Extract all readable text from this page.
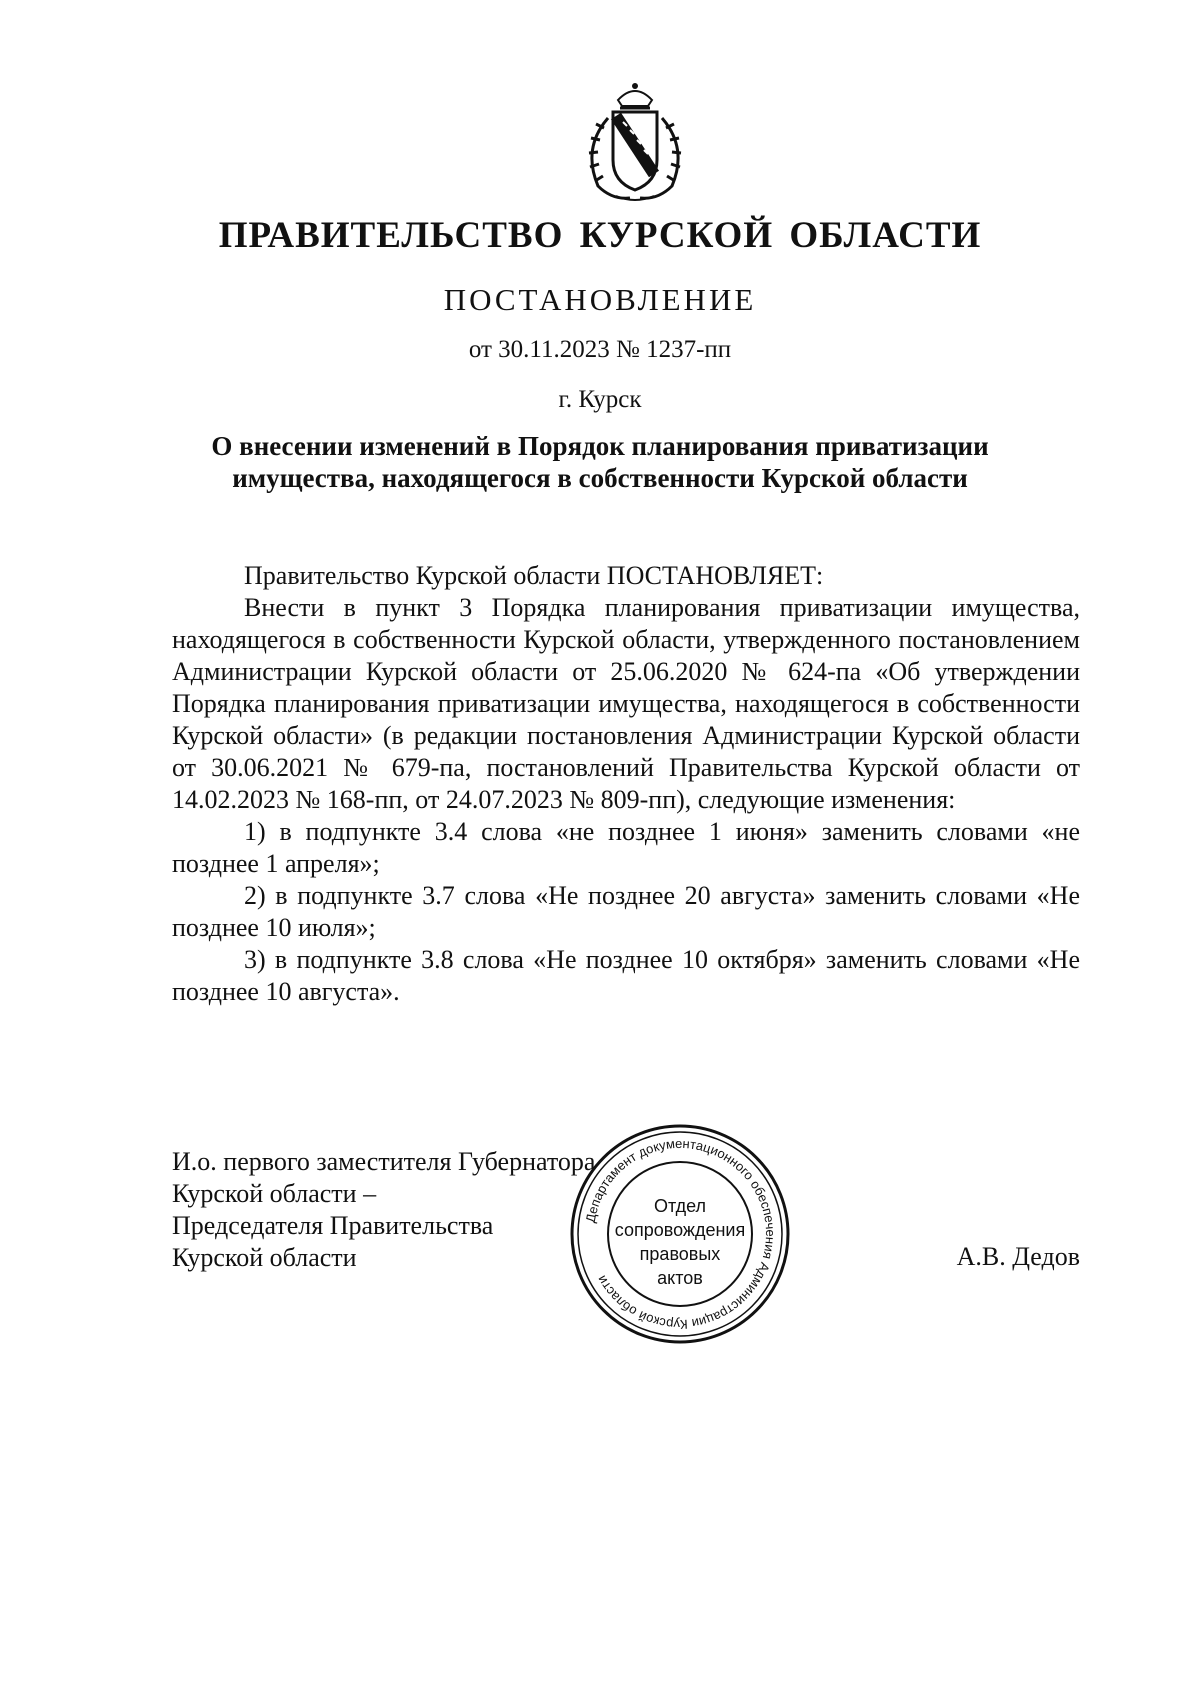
ПРАВИТЕЛЬСТВО КУРСКОЙ ОБЛАСТИ
ПОСТАНОВЛЕНИЕ
от 30.11.2023 № 1237-пп
г. Курск
О внесении изменений в Порядок планирования приватизации
имущества, находящегося в собственности Курской области

Правительство Курской области ПОСТАНОВЛЯЕТ:

Внести в пункт 3 Порядка планирования приватизации имущества, находящегося в собственности Курской области, утвержденного постановлением Администрации Курской области от 25.06.2020 № 624-па «Об утверждении Порядка планирования приватизации имущества, находящегося в собственности Курской области» (в редакции постановления Администрации Курской области от 30.06.2021 № 679-па, постановлений Правительства Курской области от 14.02.2023 № 168-пп, от 24.07.2023 № 809-пп), следующие изменения:

1) в подпункте 3.4 слова «не позднее 1 июня» заменить словами «не позднее 1 апреля»;

2) в подпункте 3.7 слова «Не позднее 20 августа» заменить словами «Не позднее 10 июля»;

3) в подпункте 3.8 слова «Не позднее 10 октября» заменить словами «Не позднее 10 августа».

И.о. первого заместителя Губернатора
Курской области –
Председателя Правительства
Курской области	А.В. Дедов
Департамент документационного обеспечения Администрации Курской области
Отдел
сопровождения
правовых
актов
